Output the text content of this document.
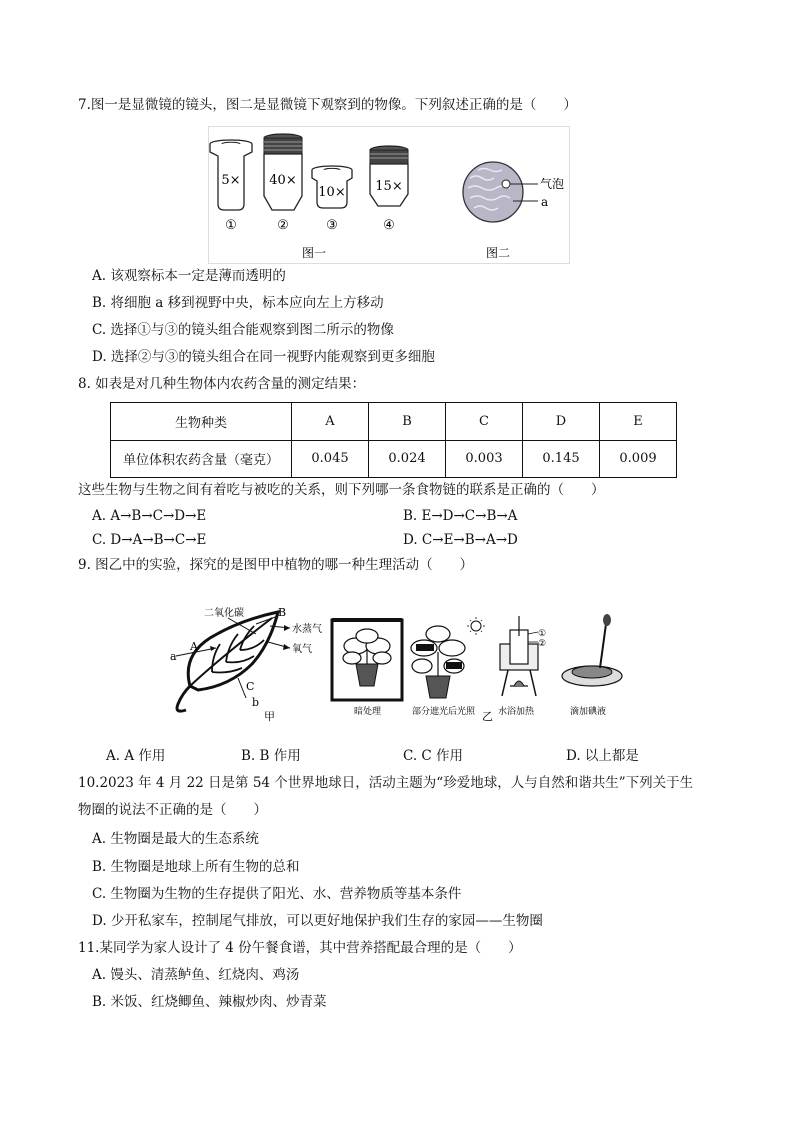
7.图一是显微镜的镜头，图二是显微镜下观察到的物像。下列叙述正确的是（　　）
5×
①
40×
②
10×
③
15×
④
图一
气泡
a
图二
A. 该观察标本一定是薄而透明的
B. 将细胞 a 移到视野中央，标本应向左上方移动
C. 选择①与③的镜头组合能观察到图二所示的物像
D. 选择②与③的镜头组合在同一视野内能观察到更多细胞
8. 如表是对几种生物体内农药含量的测定结果：
生物种类	A	B	C	D	E
单位体积农药含量（毫克）	0.045	0.024	0.003	0.145	0.009
这些生物与生物之间有着吃与被吃的关系，则下列哪一条食物链的联系是正确的（　　）
A. A→B→C→D→E	B. E→D→C→B→A
C. D→A→B→C→E	D. C→E→B→A→D
9. 图乙中的实验，探究的是图甲中植物的哪一种生理活动（　　）
二氧化碳	B
水蒸气
氧气
A
a
C
b
甲	暗处理	部分遮光后光照
①
②
水浴加热
乙	滴加碘液
A. A 作用	B. B 作用	C. C 作用	D. 以上都是
10.2023 年 4 月 22 日是第 54 个世界地球日，活动主题为“珍爱地球，人与自然和谐共生”下列关于生
物圈的说法不正确的是（　　）
A. 生物圈是最大的生态系统
B. 生物圈是地球上所有生物的总和
C. 生物圈为生物的生存提供了阳光、水、营养物质等基本条件
D. 少开私家车，控制尾气排放，可以更好地保护我们生存的家园——生物圈
11.某同学为家人设计了 4 份午餐食谱，其中营养搭配最合理的是（　　）
A. 馒头、清蒸鲈鱼、红烧肉、鸡汤
B. 米饭、红烧鲫鱼、辣椒炒肉、炒青菜
